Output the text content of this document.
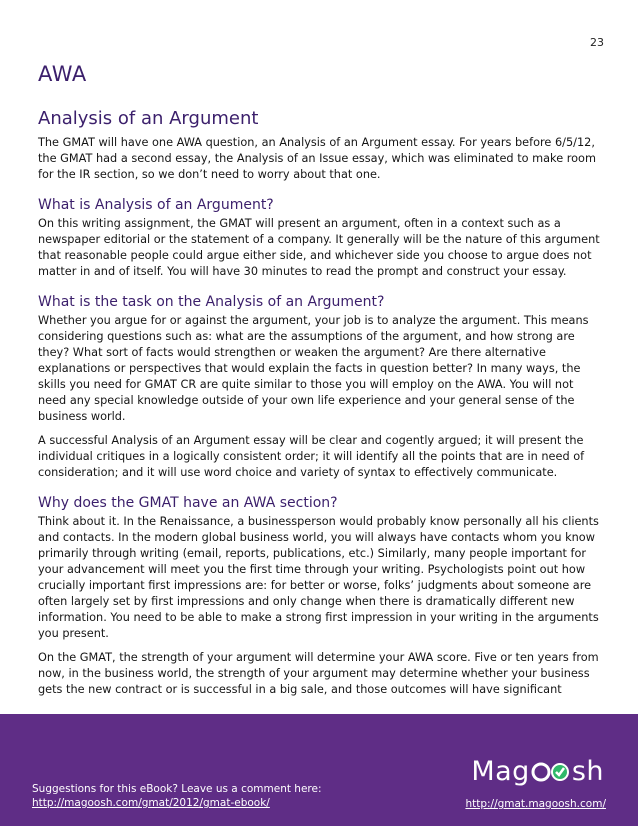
23
AWA
Analysis of an Argument

The GMAT will have one AWA question, an Analysis of an Argument essay. For years before 6/5/12, the GMAT had a second essay, the Analysis of an Issue essay, which was eliminated to make room for the IR section, so we don’t need to worry about that one.

What is Analysis of an Argument?

On this writing assignment, the GMAT will present an argument, often in a context such as a newspaper editorial or the statement of a company. It generally will be the nature of this argument that reasonable people could argue either side, and whichever side you choose to argue does not matter in and of itself. You will have 30 minutes to read the prompt and construct your essay.

What is the task on the Analysis of an Argument?

Whether you argue for or against the argument, your job is to analyze the argument. This means considering questions such as: what are the assumptions of the argument, and how strong are they? What sort of facts would strengthen or weaken the argument? Are there alternative explanations or perspectives that would explain the facts in question better? In many ways, the skills you need for GMAT CR are quite similar to those you will employ on the AWA. You will not need any special knowledge outside of your own life experience and your general sense of the business world.

A successful Analysis of an Argument essay will be clear and cogently argued; it will present the individual critiques in a logically consistent order; it will identify all the points that are in need of consideration; and it will use word choice and variety of syntax to effectively communicate.

Why does the GMAT have an AWA section?

Think about it. In the Renaissance, a businessperson would probably know personally all his clients and contacts. In the modern global business world, you will always have contacts whom you know primarily through writing (email, reports, publications, etc.) Similarly, many people important for your advancement will meet you the first time through your writing. Psychologists point out how crucially important first impressions are: for better or worse, folks’ judgments about someone are often largely set by first impressions and only change when there is dramatically different new information. You need to be able to make a strong first impression in your writing in the arguments you present.

On the GMAT, the strength of your argument will determine your AWA score. Five or ten years from now, in the business world, the strength of your argument may determine whether your business gets the new contract or is successful in a big sale, and those outcomes will have significant

Mag sh
Suggestions for this eBook? Leave us a comment here:
http://magoosh.com/gmat/2012/gmat-ebook/	http://gmat.magoosh.com/
